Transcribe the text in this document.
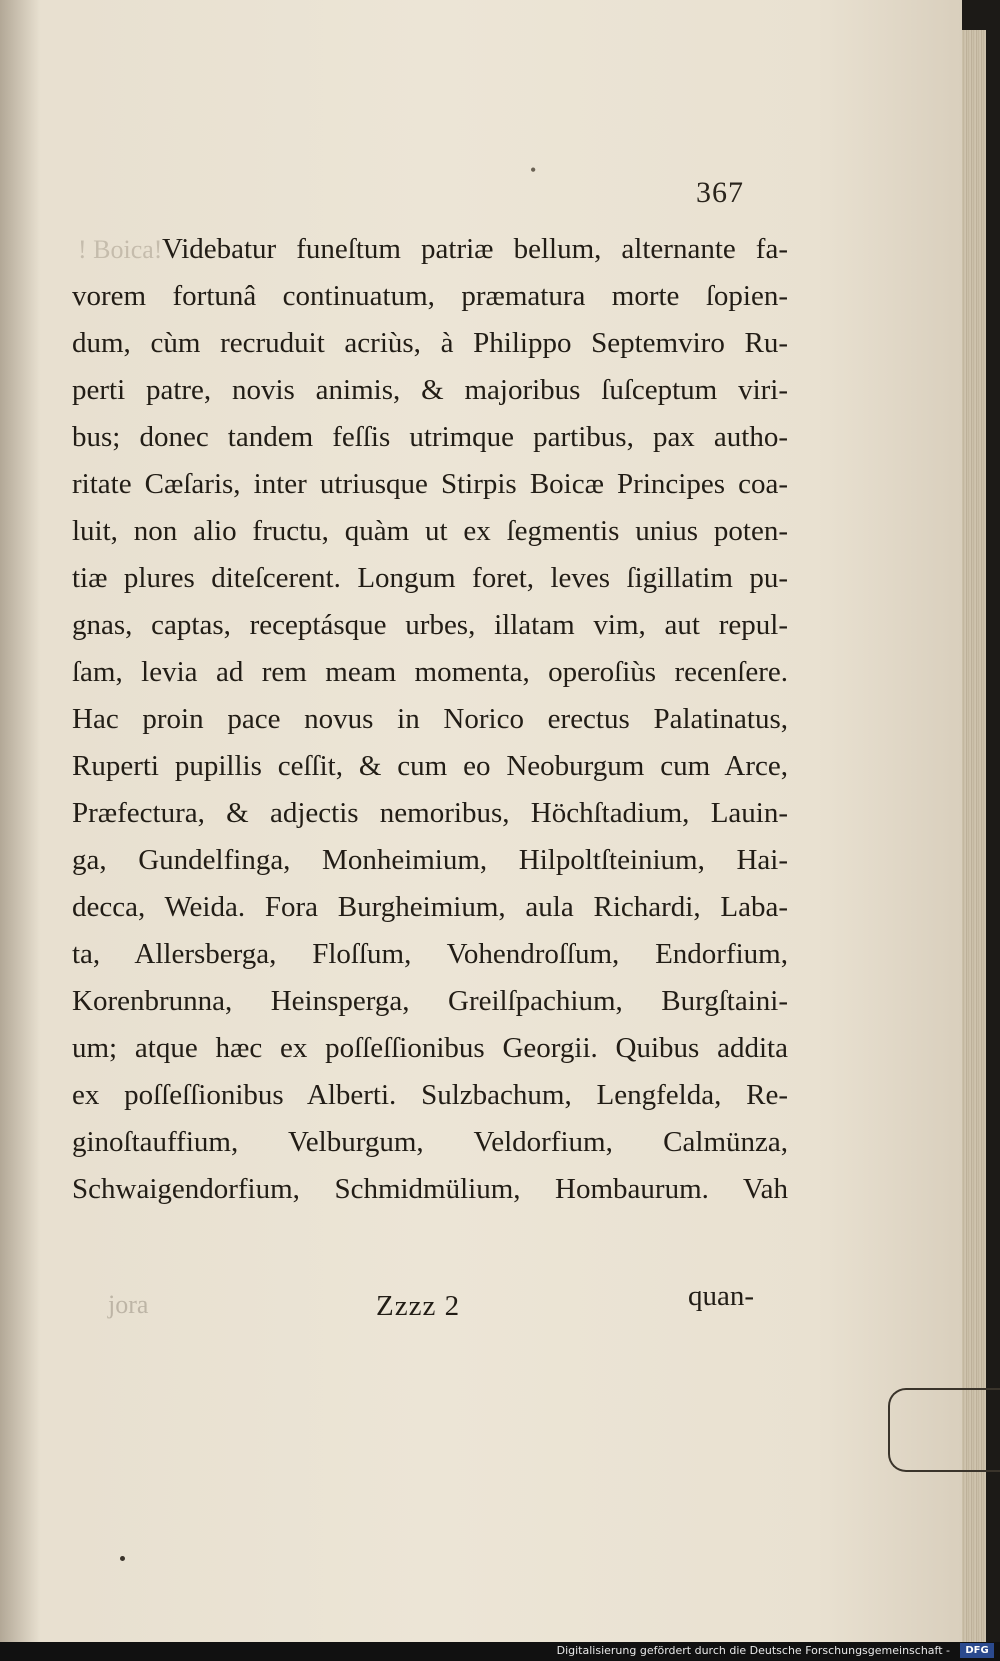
•
367
! Boica! Videbatur funeſtum patriæ bellum, alternante fa-
vorem fortunâ continuatum, præmatura morte ſopien-
dum, cùm recruduit acriùs, à Philippo Septemviro Ru-
perti patre, novis animis, & majoribus ſuſceptum viri-
bus; donec tandem feſſis utrimque partibus, pax autho-
ritate Cæſaris, inter utriusque Stirpis Boicæ Principes coa-
luit, non alio fructu, quàm ut ex ſegmentis unius poten-
tiæ plures diteſcerent. Longum foret, leves ſigillatim pu-
gnas, captas, receptásque urbes, illatam vim, aut repul-
ſam, levia ad rem meam momenta, operoſiùs recenſere.
Hac proin pace novus in Norico erectus Palatinatus,
Ruperti pupillis ceſſit, & cum eo Neoburgum cum Arce,
Præfectura, & adjectis nemoribus, Höchſtadium, Lauin-
ga, Gundelfinga, Monheimium, Hilpoltſteinium, Hai-
decca, Weida. Fora Burgheimium, aula Richardi, Laba-
ta, Allersberga, Floſſum, Vohendroſſum, Endorfium,
Korenbrunna, Heinsperga, Greilſpachium, Burgſtaini-
um; atque hæc ex poſſeſſionibus Georgii. Quibus addita
ex poſſeſſionibus Alberti. Sulzbachum, Lengfelda, Re-
ginoſtauffium, Velburgum, Veldorfium, Calmünza,
Schwaigendorfium, Schmidmülium, Hombaurum. Vah
jora	Zzzz 2	quan-
Digitalisierung gefördert durch die Deutsche Forschungsgemeinschaft -	DFG
